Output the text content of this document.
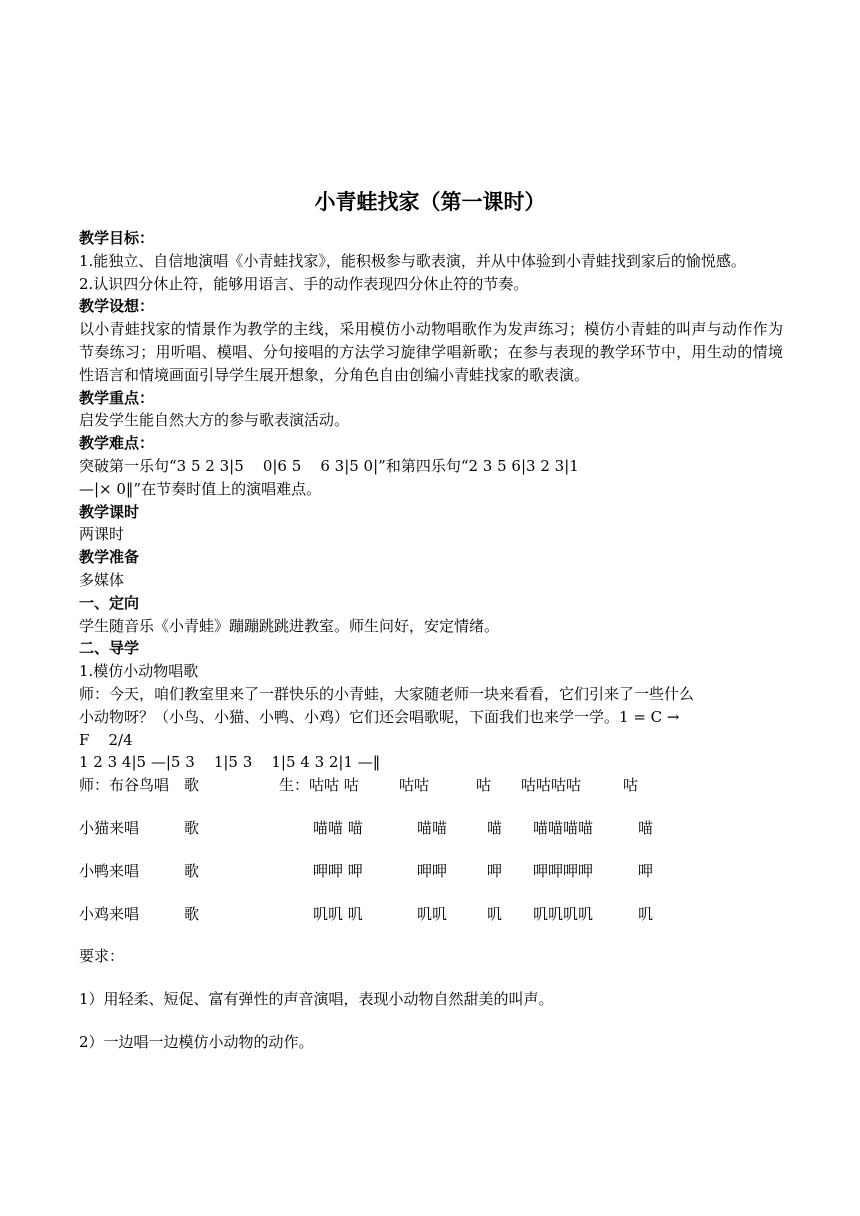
小青蛙找家（第一课时）
教学目标：
1.能独立、自信地演唱《小青蛙找家》，能积极参与歌表演，并从中体验到小青蛙找到家后的愉悦感。
2.认识四分休止符，能够用语言、手的动作表现四分休止符的节奏。
教学设想：
以小青蛙找家的情景作为教学的主线，采用模仿小动物唱歌作为发声练习；模仿小青蛙的叫声与动作作为节奏练习；用听唱、模唱、分句接唱的方法学习旋律学唱新歌；在参与表现的教学环节中，用生动的情境性语言和情境画面引导学生展开想象，分角色自由创编小青蛙找家的歌表演。
教学重点：
启发学生能自然大方的参与歌表演活动。
教学难点：
突破第一乐句“3 5 2 3|5    0|6 5    6 3|5 0|”和第四乐句“2 3 5 6|3 2 3|1
—|× 0‖”在节奏时值上的演唱难点。
教学课时
两课时
教学准备
多媒体
一、定向
学生随音乐《小青蛙》蹦蹦跳跳进教室。师生问好，安定情绪。
二、导学
1.模仿小动物唱歌
师：今天，咱们教室里来了一群快乐的小青蛙，大家随老师一块来看看，它们引来了一些什么
小动物呀？（小鸟、小猫、小鸭、小鸡）它们还会唱歌呢，下面我们也来学一学。1 = C →
F    2/4
1 2 3 4|5 —|5 3    1|5 3    1|5 4 3 2|1 —‖
师：布谷鸟唱 歌	生：咕咕 咕	咕咕	咕	咕咕咕咕	咕
小猫来唱	歌	喵喵 喵	喵喵	喵	喵喵喵喵	喵
小鸭来唱	歌	呷呷 呷	呷呷	呷	呷呷呷呷	呷
小鸡来唱	歌	叽叽 叽	叽叽	叽	叽叽叽叽	叽
要求：
1）用轻柔、短促、富有弹性的声音演唱，表现小动物自然甜美的叫声。
2）一边唱一边模仿小动物的动作。
